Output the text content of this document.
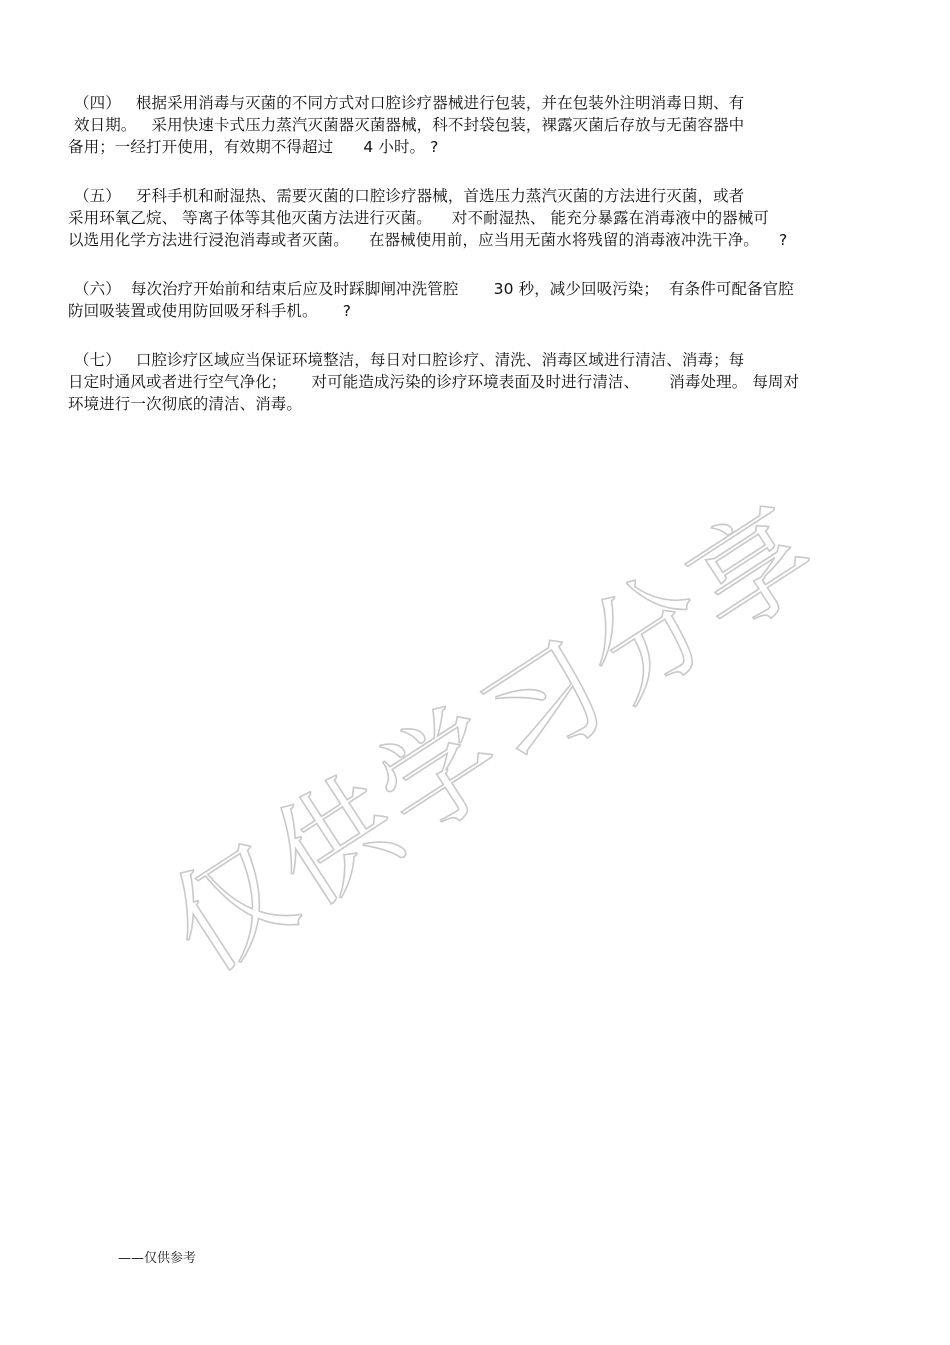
仅供学习分享
（四）   根据采用消毒与灭菌的不同方式对口腔诊疗器械进行包装，并在包装外注明消毒日期、有
效日期。   采用快速卡式压力蒸汽灭菌器灭菌器械，科不封袋包装，裸露灭菌后存放与无菌容器中
备用；一经打开使用，有效期不得超过      4 小时。 ?
（五）   牙科手机和耐湿热、需要灭菌的口腔诊疗器械，首选压力蒸汽灭菌的方法进行灭菌，或者
采用环氧乙烷、 等离子体等其他灭菌方法进行灭菌。    对不耐湿热、 能充分暴露在消毒液中的器械可
以选用化学方法进行浸泡消毒或者灭菌。    在器械使用前，应当用无菌水将残留的消毒液冲洗干净。    ?
（六）  每次治疗开始前和结束后应及时踩脚闸冲洗管腔       30 秒，减少回吸污染；  有条件可配备官腔
防回吸装置或使用防回吸牙科手机。     ?
（七）   口腔诊疗区域应当保证环境整洁，每日对口腔诊疗、清洗、消毒区域进行清洁、消毒；每
日定时通风或者进行空气净化；     对可能造成污染的诊疗环境表面及时进行清洁、      消毒处理。 每周对
环境进行一次彻底的清洁、消毒。
——仅供参考
